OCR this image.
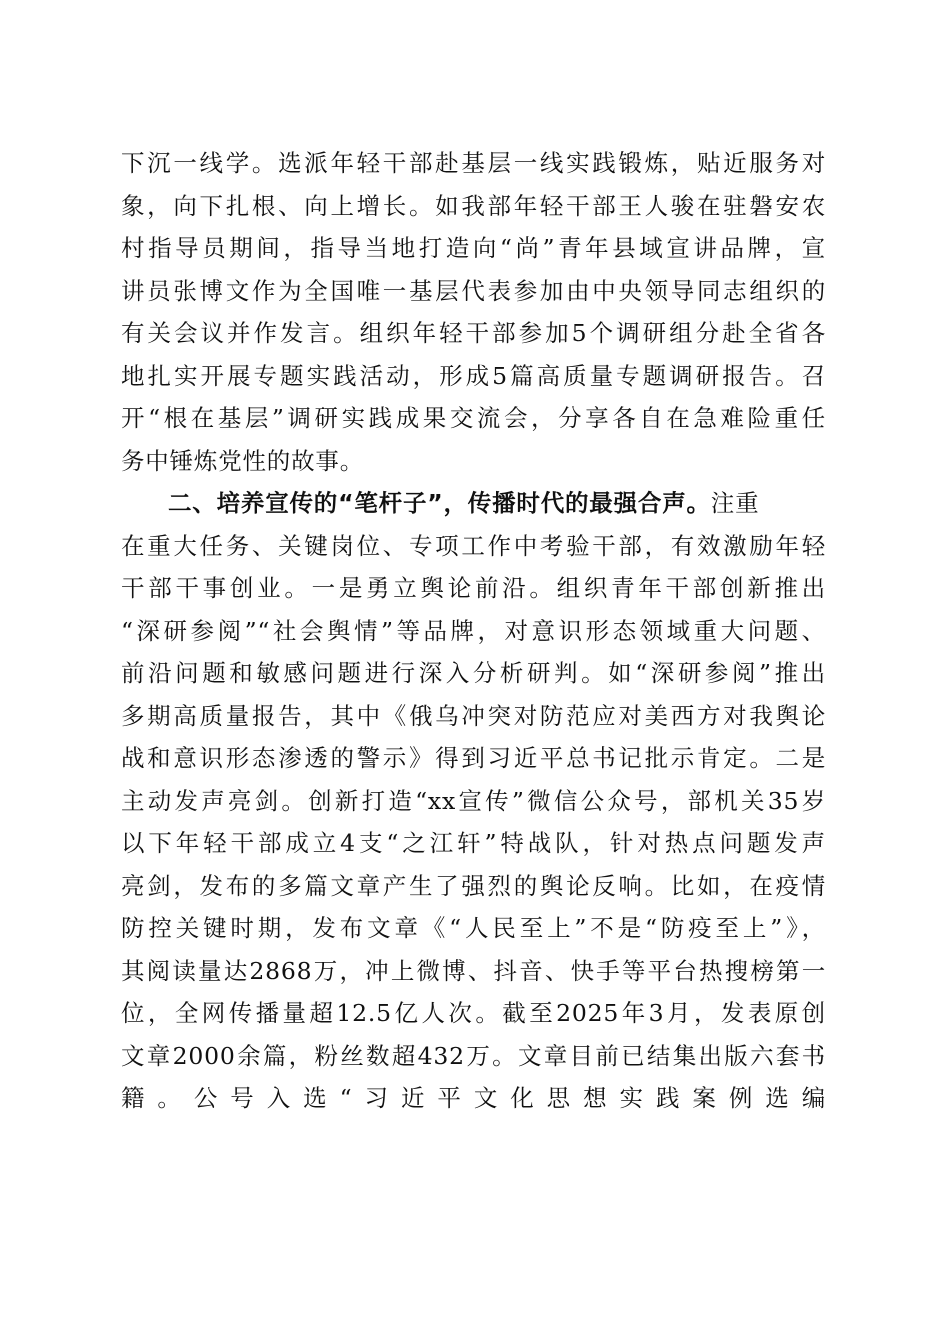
下沉一线学。选派年轻干部赴基层一线实践锻炼，贴近服务对
象，向下扎根、向上增长。如我部年轻干部王人骏在驻磐安农
村指导员期间，指导当地打造向“尚”青年县域宣讲品牌，宣
讲员张博文作为全国唯一基层代表参加由中央领导同志组织的
有关会议并作发言。组织年轻干部参加5个调研组分赴全省各
地扎实开展专题实践活动，形成5篇高质量专题调研报告。召
开“根在基层”调研实践成果交流会，分享各自在急难险重任
务中锤炼党性的故事。
二、培养宣传的“笔杆子”，传播时代的最强合声。注重
在重大任务、关键岗位、专项工作中考验干部，有效激励年轻
干部干事创业。一是勇立舆论前沿。组织青年干部创新推出
“深研参阅”“社会舆情”等品牌，对意识形态领域重大问题、
前沿问题和敏感问题进行深入分析研判。如“深研参阅”推出
多期高质量报告，其中《俄乌冲突对防范应对美西方对我舆论
战和意识形态渗透的警示》得到习近平总书记批示肯定。二是
主动发声亮剑。创新打造“xx宣传”微信公众号，部机关35岁
以下年轻干部成立4支“之江轩”特战队，针对热点问题发声
亮剑，发布的多篇文章产生了强烈的舆论反响。比如，在疫情
防控关键时期，发布文章《“人民至上”不是“防疫至上”》，
其阅读量达2868万，冲上微博、抖音、快手等平台热搜榜第一
位，全网传播量超12.5亿人次。截至2025年3月，发表原创
文章2000余篇，粉丝数超432万。文章目前已结集出版六套书
籍。公号入选“习近平文化思想实践案例选编
